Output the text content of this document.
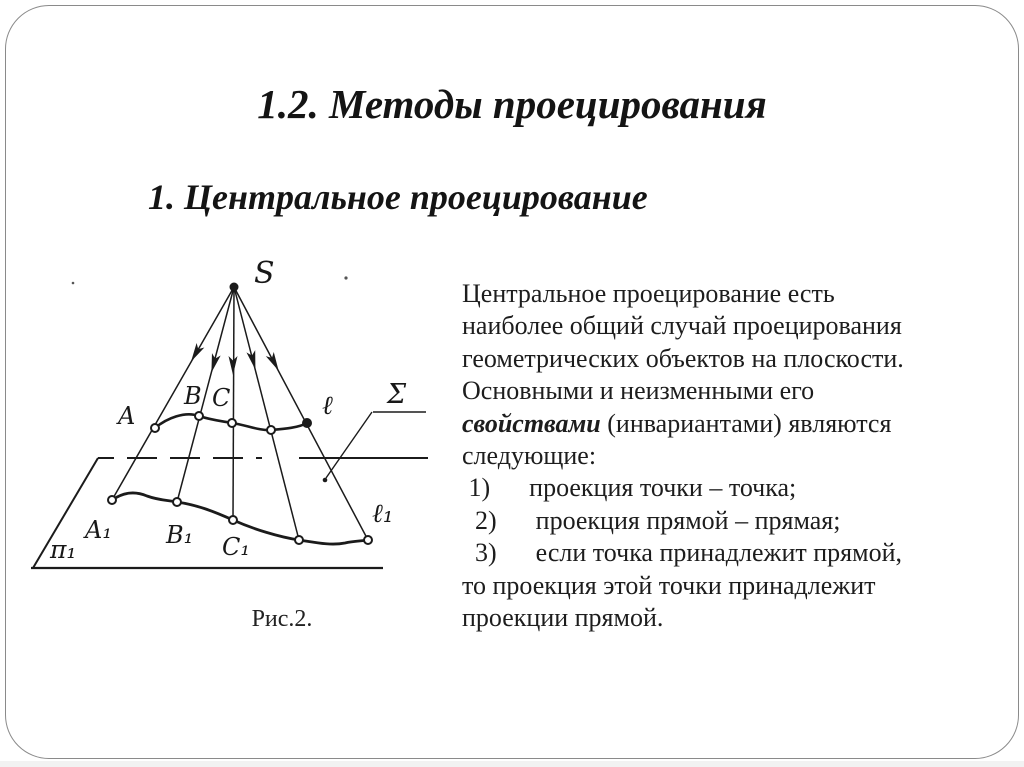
1.2. Методы проецирования
1. Центральное проецирование
S
A
B C	ℓ Σ
A₁ B₁ C₁
ℓ₁
π₁
Рис.2.
Центральное проецирование есть
наиболее общий случай проецирования
геометрических объектов на плоскости.
Основными и неизменными его
свойствами (инвариантами) являются
следующие:
1)      проекция точки – точка;
2)      проекция прямой – прямая;
3)      если точка принадлежит прямой,
то проекция этой точки принадлежит
проекции прямой.
